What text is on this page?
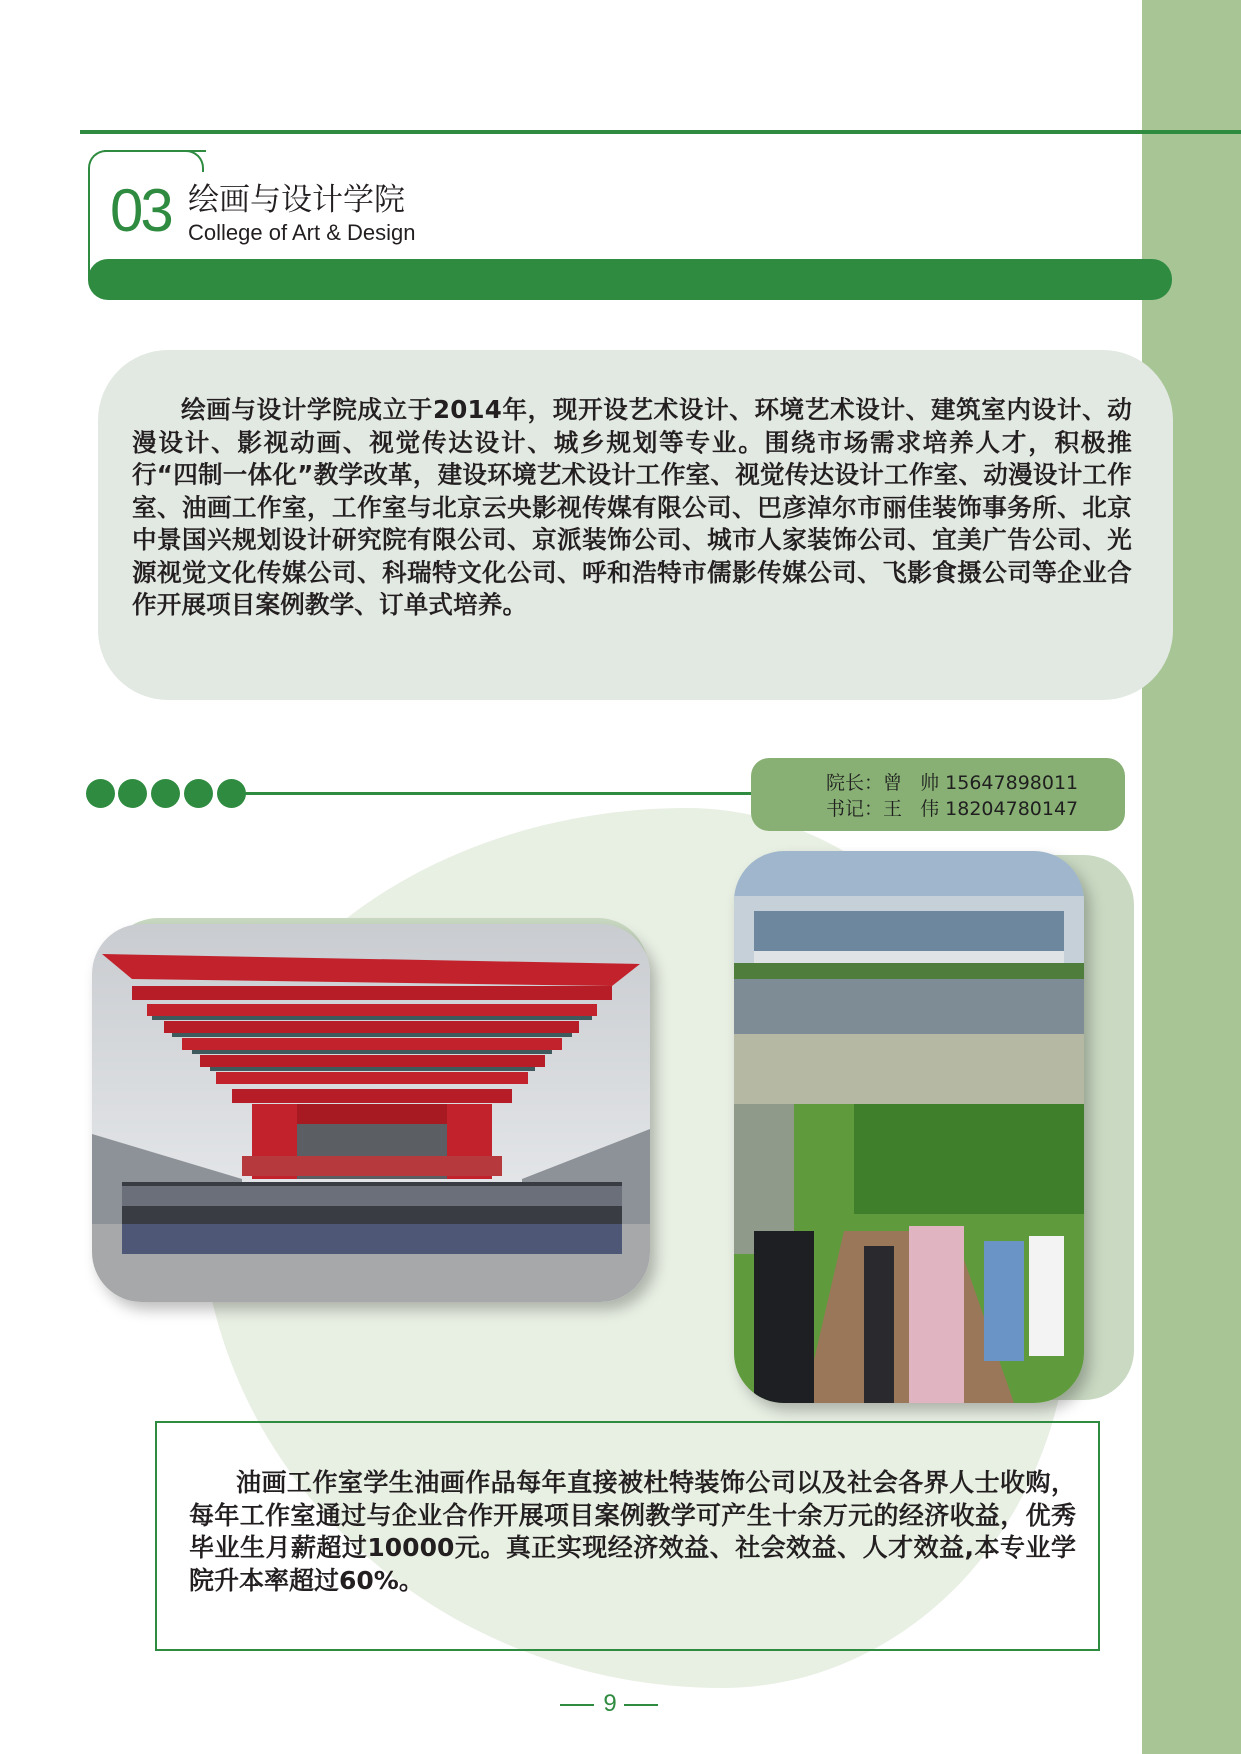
03 绘画与设计学院
College of Art & Design

绘画与设计学院成立于2014年，现开设艺术设计、环境艺术设计、建筑室内设计、动漫设计、影视动画、视觉传达设计、城乡规划等专业。围绕市场需求培养人才，积极推行“四制一体化”教学改革，建设环境艺术设计工作室、视觉传达设计工作室、动漫设计工作室、油画工作室，工作室与北京云央影视传媒有限公司、巴彦淖尔市丽佳装饰事务所、北京中景国兴规划设计研究院有限公司、京派装饰公司、城市人家装饰公司、宜美广告公司、光源视觉文化传媒公司、科瑞特文化公司、呼和浩特市儒影传媒公司、飞影食摄公司等企业合作开展项目案例教学、订单式培养。

院长：曾   帅 15647898011
书记：王   伟 18204780147

油画工作室学生油画作品每年直接被杜特装饰公司以及社会各界人士收购，每年工作室通过与企业合作开展项目案例教学可产生十余万元的经济收益，优秀毕业生月薪超过10000元。真正实现经济效益、社会效益、人才效益,本专业学院升本率超过60%。

9
